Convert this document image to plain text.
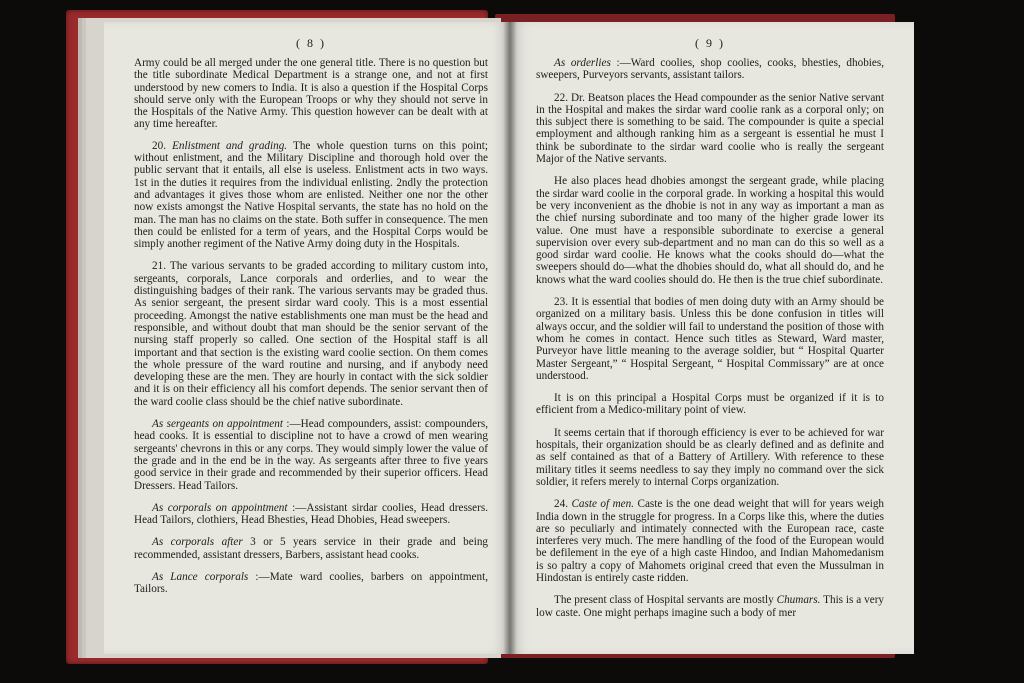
( 8 )

Army could be all merged under the one general title. There is no question but the title subordinate Medical Department is a strange one, and not at first understood by new comers to India. It is also a question if the Hospital Corps should serve only with the European Troops or why they should not serve in the Hospitals of the Native Army. This question however can be dealt with at any time hereafter.

20. Enlistment and grading. The whole question turns on this point; without enlistment, and the Military Discipline and thorough hold over the public servant that it entails, all else is useless. Enlistment acts in two ways. 1st in the duties it requires from the individual enlisting. 2ndly the protection and advantages it gives those whom are enlisted. Neither one nor the other now exists amongst the Native Hospital servants, the state has no hold on the man. The man has no claims on the state. Both suffer in consequence. The men then could be enlisted for a term of years, and the Hospital Corps would be simply another regiment of the Native Army doing duty in the Hospitals.

21. The various servants to be graded according to military custom into, sergeants, corporals, Lance corporals and orderlies, and to wear the distinguishing badges of their rank. The various servants may be graded thus. As senior sergeant, the present sirdar ward cooly. This is a most essential proceeding. Amongst the native establishments one man must be the head and responsible, and without doubt that man should be the senior servant of the nursing staff properly so called. One section of the Hospital staff is all important and that section is the existing ward coolie section. On them comes the whole pressure of the ward routine and nursing, and if anybody need developing these are the men. They are hourly in contact with the sick soldier and it is on their efficiency all his comfort depends. The senior servant then of the ward coolie class should be the chief native subordinate.

As sergeants on appointment :—Head compounders, assist: compounders, head cooks. It is essential to discipline not to have a crowd of men wearing sergeants' chevrons in this or any corps. They would simply lower the value of the grade and in the end be in the way. As sergeants after three to five years good service in their grade and recommended by their superior officers. Head Dressers. Head Tailors.

As corporals on appointment :—Assistant sirdar coolies, Head dressers. Head Tailors, clothiers, Head Bhesties, Head Dhobies, Head sweepers.

As corporals after 3 or 5 years service in their grade and being recommended, assistant dressers, Barbers, assistant head cooks.

As Lance corporals :—Mate ward coolies, barbers on appointment, Tailors.

( 9 )

As orderlies :—Ward coolies, shop coolies, cooks, bhesties, dhobies, sweepers, Purveyors servants, assistant tailors.

22. Dr. Beatson places the Head compounder as the senior Native servant in the Hospital and makes the sirdar ward coolie rank as a corporal only; on this subject there is something to be said. The compounder is quite a special employment and although ranking him as a sergeant is essential he must I think be subordinate to the sirdar ward coolie who is really the sergeant Major of the Native servants.

He also places head dhobies amongst the sergeant grade, while placing the sirdar ward coolie in the corporal grade. In working a hospital this would be very inconvenient as the dhobie is not in any way as important a man as the chief nursing subordinate and too many of the higher grade lower its value. One must have a responsible subordinate to exercise a general supervision over every sub-department and no man can do this so well as a good sirdar ward coolie. He knows what the cooks should do—what the sweepers should do—what the dhobies should do, what all should do, and he knows what the ward coolies should do. He then is the true chief subordinate.

23. It is essential that bodies of men doing duty with an Army should be organized on a military basis. Unless this be done confusion in titles will always occur, and the soldier will fail to understand the position of those with whom he comes in contact. Hence such titles as Steward, Ward master, Purveyor have little meaning to the average soldier, but “ Hospital Quarter Master Sergeant,” “ Hospital Sergeant, “ Hospital Commissary” are at once understood.

It is on this principal a Hospital Corps must be organized if it is to efficient from a Medico-military point of view.

It seems certain that if thorough efficiency is ever to be achieved for war hospitals, their organization should be as clearly defined and as definite and as self contained as that of a Battery of Artillery. With reference to these military titles it seems needless to say they imply no command over the sick soldier, it refers merely to internal Corps organization.

24. Caste of men. Caste is the one dead weight that will for years weigh India down in the struggle for progress. In a Corps like this, where the duties are so peculiarly and intimately connected with the European race, caste interferes very much. The mere handling of the food of the European would be defilement in the eye of a high caste Hindoo, and Indian Mahomedanism is so paltry a copy of Mahomets original creed that even the Mussulman in Hindostan is entirely caste ridden.

The present class of Hospital servants are mostly Chumars. This is a very low caste. One might perhaps imagine such a body of mer
